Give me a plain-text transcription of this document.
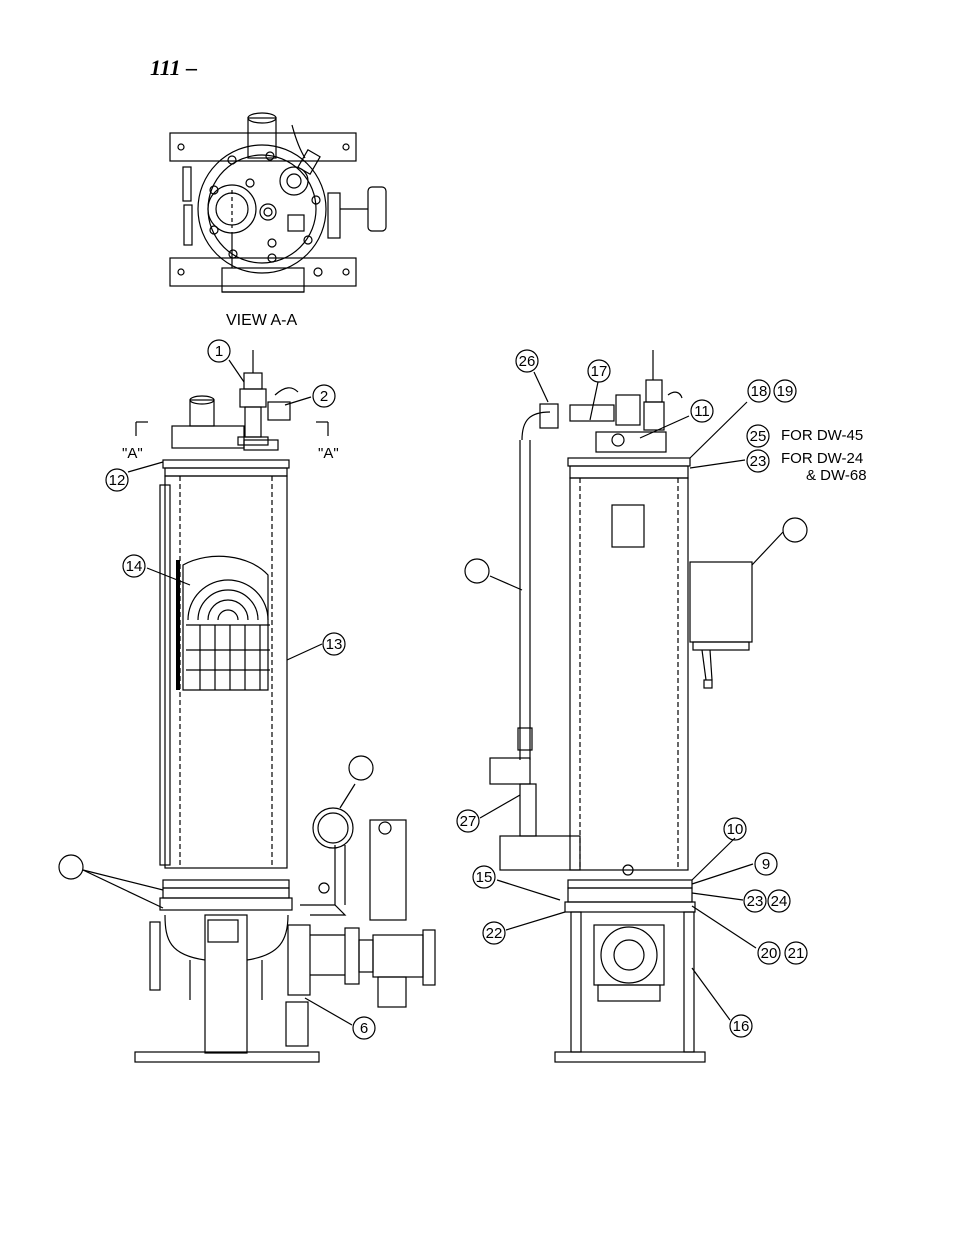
111 –
VIEW A-A
FOR DW-45
FOR DW-24
& DW-68
1
2
12
14
13
6
26
17
18 19
11
25
23
27	10
9
15
23 24
22
20 21
16
"A"	"A"
